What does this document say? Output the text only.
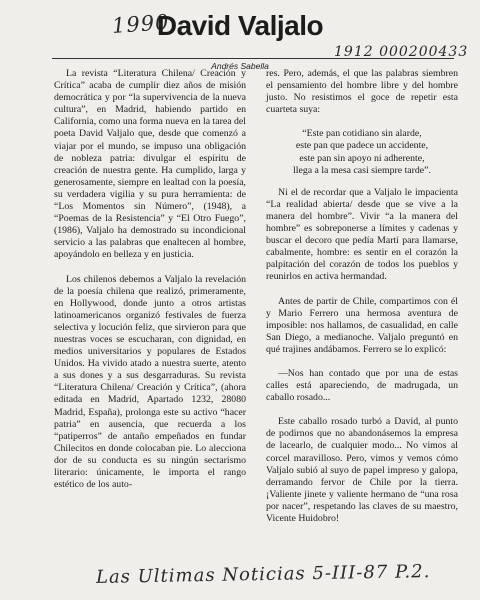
1990
1912 000200433
David Valjalo
Andrés Sabella

La revista “Literatura Chilena/ Creación y Crítica” acaba de cumplir diez años de misión democrática y por “la supervivencia de la nueva cultura”, en Madrid, habiendo partido en California, como una forma nueva en la tarea del poeta David Valjalo que, desde que comenzó a viajar por el mundo, se impuso una obligación de nobleza patria: divulgar el espíritu de creación de nuestra gente. Ha cumplido, larga y generosamente, siempre en lealtad con la poesía, su verdadera vigilia y su pura herramienta: de “Los Momentos sin Número”, (1948), a “Poemas de la Resistencia” y “El Otro Fuego”, (1986), Valjalo ha demostrado su incondicional servicio a las palabras que enaltecen al hombre, apoyándolo en belleza y en justicia.

Los chilenos debemos a Valjalo la revelación de la poesía chilena que realizó, primeramente, en Hollywood, donde junto a otros artistas latinoamericanos organizó festivales de fuerza selectiva y locución feliz, que sirvieron para que nuestras voces se escucharan, con dignidad, en medios universitarios y populares de Estados Unidos. Ha vivido atado a nuestra suerte, atento a sus dones y a sus desgarraduras. Su revista “Literatura Chilena/ Creación y Crítica”, (ahora editada en Madrid, Apartado 1232, 28080 Madrid, España), prolonga este su activo “hacer patria” en ausencia, que recuerda a los “patiperros” de antaño empeñados en fundar Chilecitos en donde colocaban pie. Lo alecciona dor de su conducta es su ningún sectarismo literario: únicamente, le importa el rango estético de los auto-

res. Pero, además, el que las palabras siembren el pensamiento del hombre libre y del hombre justo. No resistimos el goce de repetir esta cuarteta suya:

“Este pan cotidiano sin alarde,
este pan que padece un accidente,
este pan sin apoyo ni adherente,
llega a la mesa casi siempre tarde”.

Ni el de recordar que a Valjalo le impacienta “La realidad abierta/ desde que se vive a la manera del hombre”. Vivir “a la manera del hombre” es sobreponerse a límites y cadenas y buscar el decoro que pedía Martí para llamarse, cabalmente, hombre: es sentir en el corazón la palpitación del corazón de todos los pueblos y reunirlos en activa hermandad.

Antes de partir de Chile, compartimos con él y Mario Ferrero una hermosa aventura de imposible: nos hallamos, de casualidad, en calle San Diego, a medianoche. Valjalo preguntó en qué trajines andábamos. Ferrero se lo explicó:

—Nos han contado que por una de estas calles está apareciendo, de madrugada, un caballo rosado...

Este caballo rosado turbó a David, al punto de podirnos que no abandonásemos la empresa de lacearlo, de cualquier modo... No vimos al corcel maravilloso. Pero, vimos y vemos cómo Valjalo subió al suyo de papel impreso y galopa, derramando fervor de Chile por la tierra. ¡Valiente jinete y valiente hermano de “una rosa por nacer”, respetando las claves de su maestro, Vicente Huidobro!

Las Ultimas Noticias 5-III-87 P.2.
